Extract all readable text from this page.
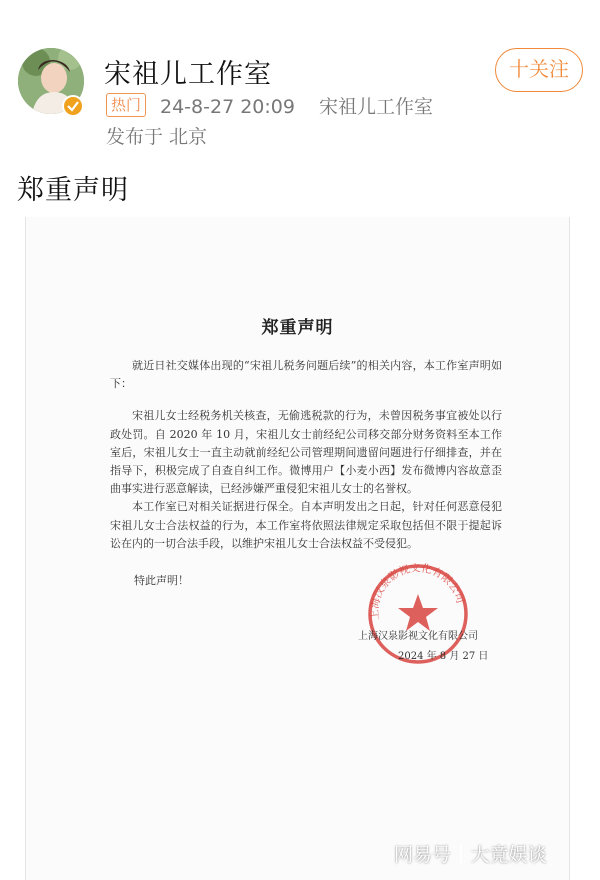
宋祖儿工作室
热门 24-8-27 20:09 宋祖儿工作室
发布于 北京
十关注
郑重声明
郑重声明

就近日社交媒体出现的“宋祖儿税务问题后续”的相关内容，本工作室声明如下：

宋祖儿女士经税务机关核查，无偷逃税款的行为，未曾因税务事宜被处以行政处罚。自 2020 年 10 月，宋祖儿女士前经纪公司移交部分财务资料至本工作室后，宋祖儿女士一直主动就前经纪公司管理期间遗留问题进行仔细排查，并在指导下，积极完成了自查自纠工作。微博用户【小麦小西】发布微博内容故意歪曲事实进行恶意解读，已经涉嫌严重侵犯宋祖儿女士的名誉权。

本工作室已对相关证据进行保全。自本声明发出之日起，针对任何恶意侵犯宋祖儿女士合法权益的行为，本工作室将依照法律规定采取包括但不限于提起诉讼在内的一切合法手段，以维护宋祖儿女士合法权益不受侵犯。

特此声明！
上海汉泉影视文化有限公司
上海汉泉影视文化有限公司
2024 年 8 月 27 日
网易号 大竟娱谈
